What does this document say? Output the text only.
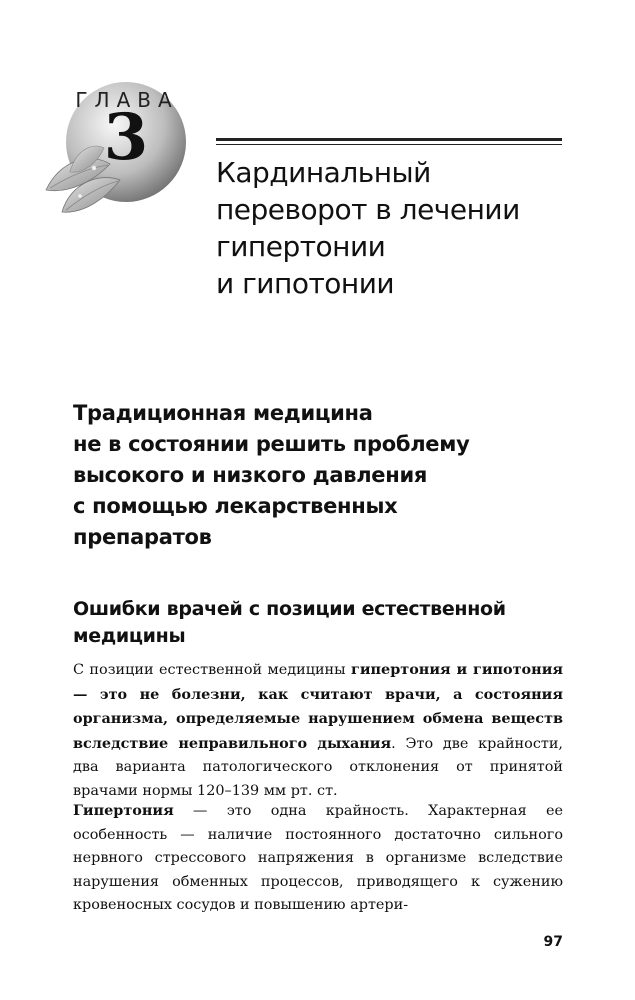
ГЛАВА
3	Кардинальный
переворот в лечении
гипертонии
и гипотонии
Традиционная медицина
не в состоянии решить проблему
высокого и низкого давления
с помощью лекарственных
препаратов
Ошибки врачей с позиции естественной
медицины

С позиции естественной медицины гипертония и гипотония — это не болезни, как считают врачи, а состояния организма, определяемые нарушением обмена веществ вследствие неправильного дыхания. Это две крайности, два варианта патологического отклонения от принятой врачами нормы 120–139 мм рт. ст.

Гипертония — это одна крайность. Характерная ее особенность — наличие постоянного достаточно сильного нервного стрессового напряжения в организме вследствие нарушения обменных процессов, приводящего к сужению кровеносных сосудов и повышению артери-

97
